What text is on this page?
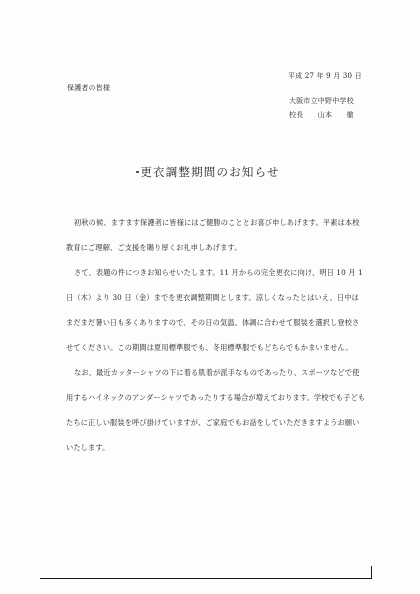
平成 27 年 9 月 30 日
保護者の皆様
大阪市立中野中学校
校長　　山本　　徹
更衣調整期間のお知らせ

初秋の候、ますます保護者に皆様にはご健勝のこととお喜び申しあげます。平素は本校教育にご理解、ご支援を賜り厚くお礼申しあげます。

さて、表題の件につきお知らせいたします。11 月からの完全更衣に向け、明日 10 月 1 日（木）より 30 日（金）までを更衣調整期間とします。涼しくなったとはいえ、日中はまだまだ暑い日も多くありますので、その日の気温、体調に合わせて服装を選択し登校させてください。この期間は夏用標準服でも、冬用標準服でもどちらでもかまいません。

なお、最近カッターシャツの下に着る肌着が派手なものであったり、スポーツなどで使用するハイネックのアンダーシャツであったりする場合が増えております。学校でも子どもたちに正しい服装を呼び掛けていますが、ご家庭でもお話をしていただきますようお願いいたします。
